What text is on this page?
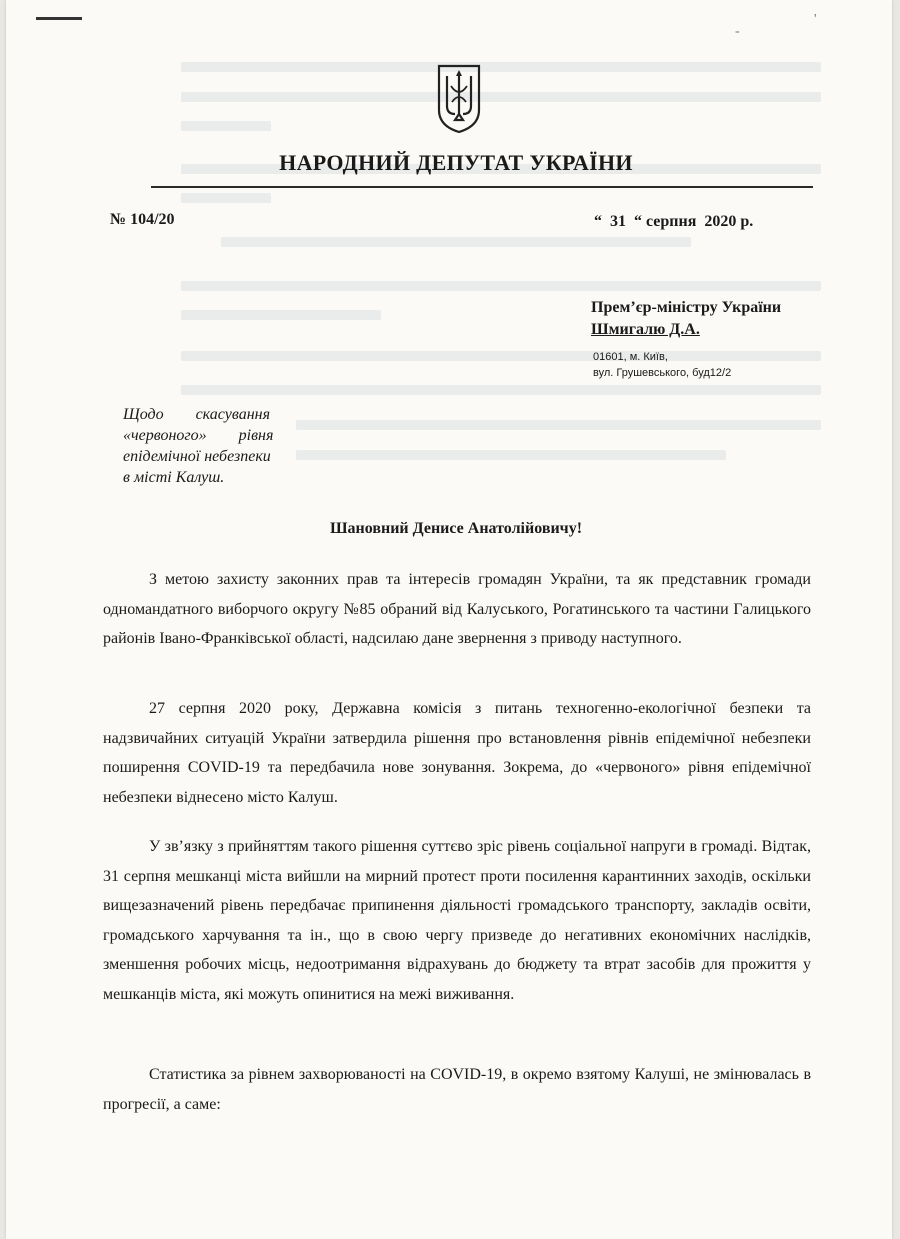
-
'
НАРОДНИЙ ДЕПУТАТ УКРАЇНИ
№ 104/20	“  31  “ серпня  2020 р.
Прем’єр-міністру України
Шмигалю Д.А.
01601, м. Київ,
вул. Грушевського, буд12/2
Щодо        скасування
«червоного»        рівня
епідемічної небезпеки
в місті Калуш.
Шановний Денисе Анатолійовичу!

З метою захисту законних прав та інтересів громадян України, та як представник громади одномандатного виборчого округу №85 обраний від Калуського, Рогатинського та частини Галицького районів Івано-Франківської області, надсилаю дане звернення з приводу наступного.

27 серпня 2020 року, Державна комісія з питань техногенно-екологічної безпеки та надзвичайних ситуацій України затвердила рішення про встановлення рівнів епідемічної небезпеки поширення COVID-19 та передбачила нове зонування. Зокрема, до «червоного» рівня епідемічної небезпеки віднесено місто Калуш.

У зв’язку з прийняттям такого рішення суттєво зріс рівень соціальної напруги в громаді. Відтак, 31 серпня мешканці міста вийшли на мирний протест проти посилення карантинних заходів, оскільки вищезазначений рівень передбачає припинення діяльності громадського транспорту, закладів освіти, громадського харчування та ін., що в свою чергу призведе до негативних економічних наслідків, зменшення робочих місць, недоотримання відрахувань до бюджету та втрат засобів для прожиття у мешканців міста, які можуть опинитися на межі виживання.

Статистика за рівнем захворюваності на COVID-19, в окремо взятому Калуші, не змінювалась в прогресії, а саме:
